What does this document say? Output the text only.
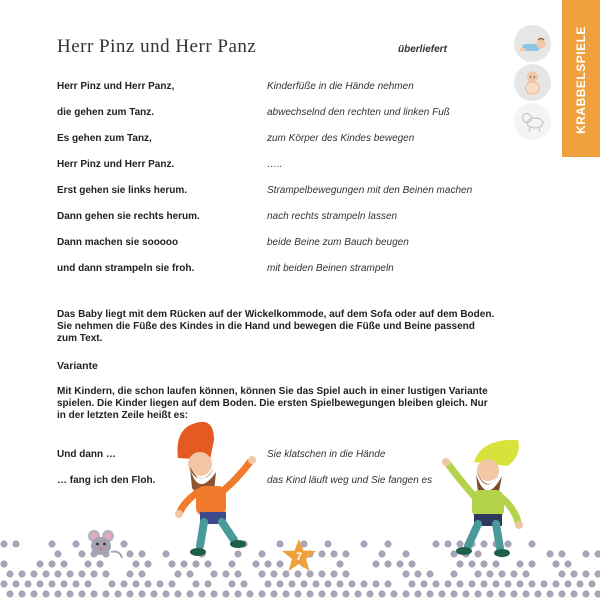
Herr Pinz und Herr Panz	überliefert
Herr Pinz und Herr Panz,	Kinderfüße in die Hände nehmen
die gehen zum Tanz.	abwechselnd den rechten und linken Fuß
Es gehen zum Tanz,	zum Körper des Kindes bewegen
Herr Pinz und Herr Panz.	…..
Erst gehen sie links herum.	Strampelbewegungen mit den Beinen machen
Dann gehen sie rechts herum.	nach rechts strampeln lassen
Dann machen sie sooooo	beide Beine zum Bauch beugen
und dann strampeln sie froh.	mit beiden Beinen strampeln
Das Baby liegt mit dem Rücken auf der Wickelkommode, auf dem Sofa oder auf dem Boden. Sie nehmen die Füße des Kindes in die Hand und bewegen die Füße und Beine passend zum Text.
Variante
Mit Kindern, die schon laufen können, können Sie das Spiel auch in einer lustigen Variante spielen. Die Kinder liegen auf dem Boden. Die ersten Spielbewegungen bleiben gleich. Nur in der letzten Zeile heißt es:
Und dann …	Sie klatschen in die Hände
… fang ich den Floh.	das Kind läuft weg und Sie fangen es
KRABBELSPIELE
7
